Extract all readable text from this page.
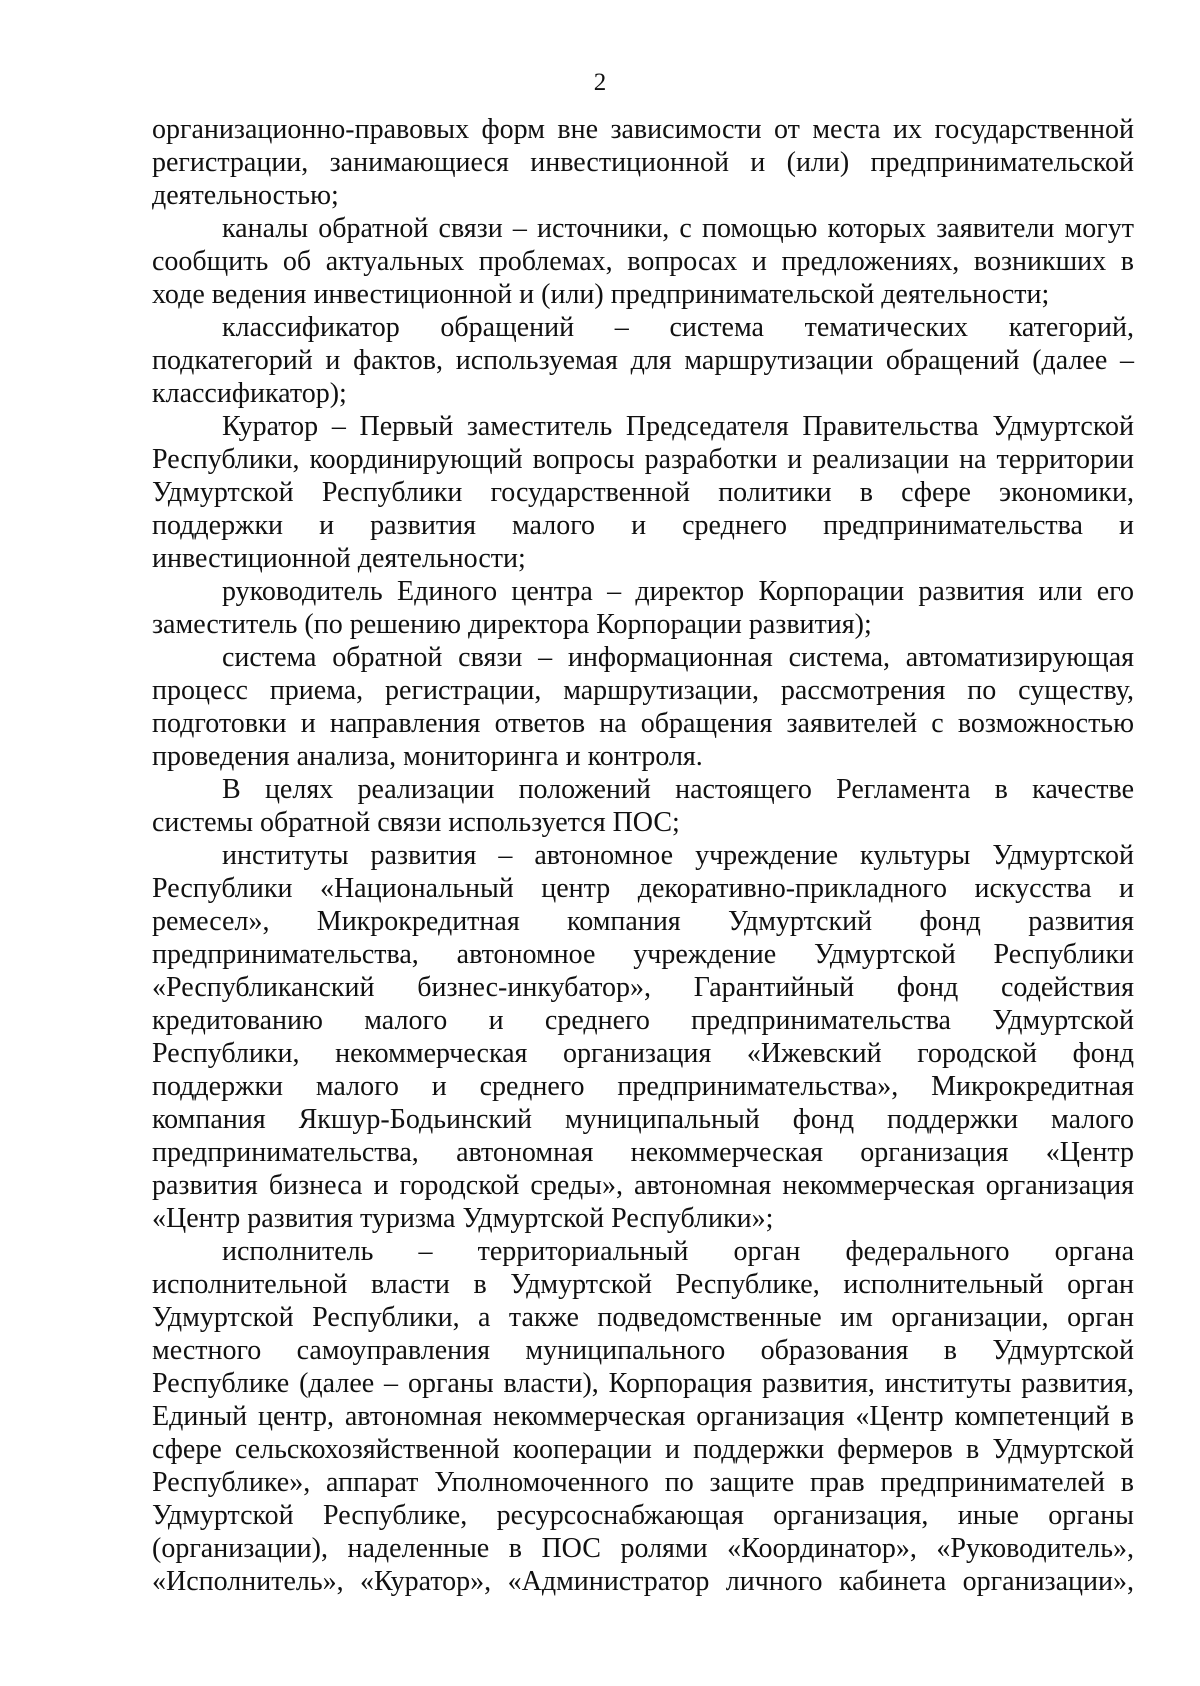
2
организационно-правовых форм вне зависимости от места их государственной
регистрации, занимающиеся инвестиционной и (или) предпринимательской
деятельностью;
каналы обратной связи – источники, с помощью которых заявители могут
сообщить об актуальных проблемах, вопросах и предложениях, возникших в
ходе ведения инвестиционной и (или) предпринимательской деятельности;
классификатор обращений – система тематических категорий,
подкатегорий и фактов, используемая для маршрутизации обращений (далее –
классификатор);
Куратор – Первый заместитель Председателя Правительства Удмуртской
Республики, координирующий вопросы разработки и реализации на территории
Удмуртской Республики государственной политики в сфере экономики,
поддержки и развития малого и среднего предпринимательства и
инвестиционной деятельности;
руководитель Единого центра – директор Корпорации развития или его
заместитель (по решению директора Корпорации развития);
система обратной связи – информационная система, автоматизирующая
процесс приема, регистрации, маршрутизации, рассмотрения по существу,
подготовки и направления ответов на обращения заявителей с возможностью
проведения анализа, мониторинга и контроля.
В целях реализации положений настоящего Регламента в качестве
системы обратной связи используется ПОС;
институты развития – автономное учреждение культуры Удмуртской
Республики «Национальный центр декоративно-прикладного искусства и
ремесел», Микрокредитная компания Удмуртский фонд развития
предпринимательства, автономное учреждение Удмуртской Республики
«Республиканский бизнес-инкубатор», Гарантийный фонд содействия
кредитованию малого и среднего предпринимательства Удмуртской
Республики, некоммерческая организация «Ижевский городской фонд
поддержки малого и среднего предпринимательства», Микрокредитная
компания Якшур-Бодьинский муниципальный фонд поддержки малого
предпринимательства, автономная некоммерческая организация «Центр
развития бизнеса и городской среды», автономная некоммерческая организация
«Центр развития туризма Удмуртской Республики»;
исполнитель – территориальный орган федерального органа
исполнительной власти в Удмуртской Республике, исполнительный орган
Удмуртской Республики, а также подведомственные им организации, орган
местного самоуправления муниципального образования в Удмуртской
Республике (далее – органы власти), Корпорация развития, институты развития,
Единый центр, автономная некоммерческая организация «Центр компетенций в
сфере сельскохозяйственной кооперации и поддержки фермеров в Удмуртской
Республике», аппарат Уполномоченного по защите прав предпринимателей в
Удмуртской Республике, ресурсоснабжающая организация, иные органы
(организации), наделенные в ПОС ролями «Координатор», «Руководитель»,
«Исполнитель», «Куратор», «Администратор личного кабинета организации»,
